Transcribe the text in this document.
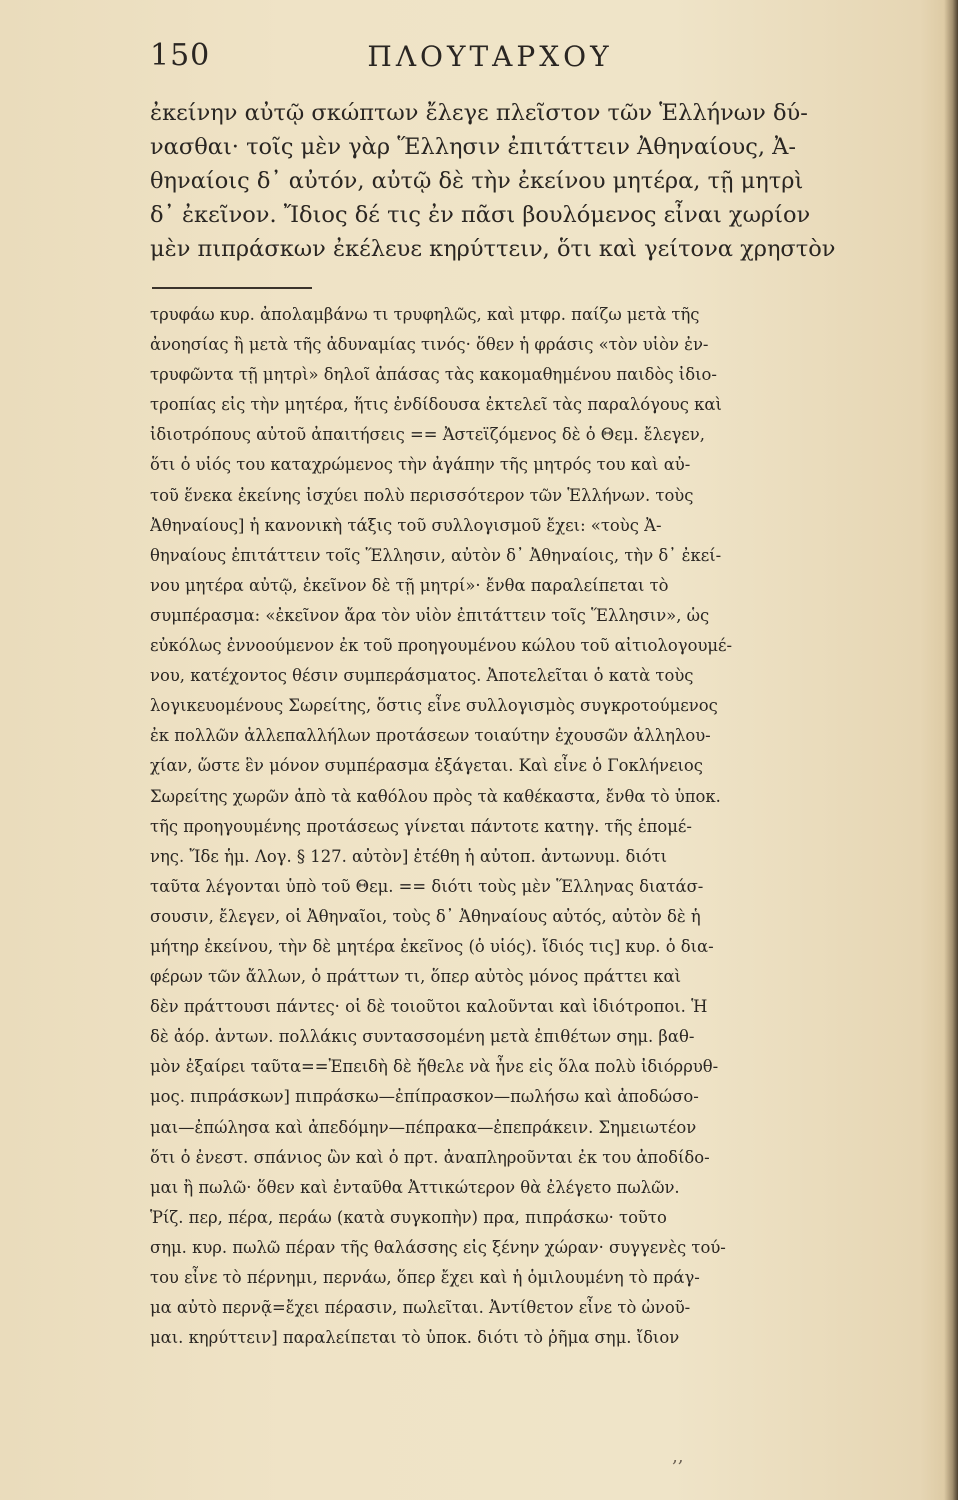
150	ΠΛΟΥΤΑΡΧΟΥ
ἐκείνην αὐτῷ σκώπτων ἔλεγε πλεῖστον τῶν Ἑλλήνων δύ-
νασθαι· τοῖς μὲν γὰρ Ἕλλησιν ἐπιτάττειν Ἀθηναίους, Ἀ-
θηναίοις δ᾽ αὐτόν, αὐτῷ δὲ τὴν ἐκείνου μητέρα, τῇ μητρὶ
δ᾽ ἐκεῖνον. Ἴδιος δέ τις ἐν πᾶσι βουλόμενος εἶναι χωρίον
μὲν πιπράσκων ἐκέλευε κηρύττειν, ὅτι καὶ γείτονα χρηστὸν
τρυφάω κυρ. ἀπολαμβάνω τι τρυφηλῶς, καὶ μτφρ. παίζω μετὰ τῆς
ἀνοησίας ἢ μετὰ τῆς ἀδυναμίας τινός· ὅθεν ἡ φράσις «τὸν υἱὸν ἐν-
τρυφῶντα τῇ μητρὶ» δηλοῖ ἀπάσας τὰς κακομαθημένου παιδὸς ἰδιο-
τροπίας εἰς τὴν μητέρα, ἥτις ἐνδίδουσα ἐκτελεῖ τὰς παραλόγους καὶ
ἰδιοτρόπους αὐτοῦ ἀπαιτήσεις == Ἀστεϊζόμενος δὲ ὁ Θεμ. ἔλεγεν,
ὅτι ὁ υἱός του καταχρώμενος τὴν ἀγάπην τῆς μητρός του καὶ αὐ-
τοῦ ἕνεκα ἐκείνης ἰσχύει πολὺ περισσότερον τῶν Ἑλλήνων. τοὺς
Ἀθηναίους] ἡ κανονικὴ τάξις τοῦ συλλογισμοῦ ἔχει: «τοὺς Ἀ-
θηναίους ἐπιτάττειν τοῖς Ἕλλησιν, αὐτὸν δ᾽ Ἀθηναίοις, τὴν δ᾽ ἐκεί-
νου μητέρα αὐτῷ, ἐκεῖνον δὲ τῇ μητρί»· ἔνθα παραλείπεται τὸ
συμπέρασμα: «ἐκεῖνον ἄρα τὸν υἱὸν ἐπιτάττειν τοῖς Ἕλλησιν», ὡς
εὐκόλως ἐννοούμενον ἐκ τοῦ προηγουμένου κώλου τοῦ αἰτιολογουμέ-
νου, κατέχοντος θέσιν συμπεράσματος. Ἀποτελεῖται ὁ κατὰ τοὺς
λογικευομένους Σωρείτης, ὅστις εἶνε συλλογισμὸς συγκροτούμενος
ἐκ πολλῶν ἀλλεπαλλήλων προτάσεων τοιαύτην ἐχουσῶν ἀλληλου-
χίαν, ὥστε ἓν μόνον συμπέρασμα ἐξάγεται. Καὶ εἶνε ὁ Γοκλήνειος
Σωρείτης χωρῶν ἀπὸ τὰ καθόλου πρὸς τὰ καθέκαστα, ἔνθα τὸ ὑποκ.
τῆς προηγουμένης προτάσεως γίνεται πάντοτε κατηγ. τῆς ἑπομέ-
νης. Ἴδε ἡμ. Λογ. § 127. αὐτὸν] ἐτέθη ἡ αὐτοπ. ἀντωνυμ. διότι
ταῦτα λέγονται ὑπὸ τοῦ Θεμ. == διότι τοὺς μὲν Ἕλληνας διατάσ-
σουσιν, ἔλεγεν, οἱ Ἀθηναῖοι, τοὺς δ᾽ Ἀθηναίους αὐτός, αὐτὸν δὲ ἡ
μήτηρ ἐκείνου, τὴν δὲ μητέρα ἐκεῖνος (ὁ υἱός). ἴδιός τις] κυρ. ὁ δια-
φέρων τῶν ἄλλων, ὁ πράττων τι, ὅπερ αὐτὸς μόνος πράττει καὶ
δὲν πράττουσι πάντες· οἱ δὲ τοιοῦτοι καλοῦνται καὶ ἰδιότροποι. Ἡ
δὲ ἀόρ. ἀντων. πολλάκις συντασσομένη μετὰ ἐπιθέτων σημ. βαθ-
μὸν ἐξαίρει ταῦτα==Ἐπειδὴ δὲ ἤθελε νὰ ἦνε εἰς ὅλα πολὺ ἰδιόρρυθ-
μος. πιπράσκων] πιπράσκω—ἐπίπρασκον—πωλήσω καὶ ἀποδώσο-
μαι—ἐπώλησα καὶ ἀπεδόμην—πέπρακα—ἐπεπράκειν. Σημειωτέον
ὅτι ὁ ἐνεστ. σπάνιος ὢν καὶ ὁ πρτ. ἀναπληροῦνται ἐκ του ἀποδίδο-
μαι ἢ πωλῶ· ὅθεν καὶ ἐνταῦθα Ἀττικώτερον θὰ ἐλέγετο πωλῶν.
Ῥίζ. περ, πέρα, περάω (κατὰ συγκοπὴν) πρα, πιπράσκω· τοῦτο
σημ. κυρ. πωλῶ πέραν τῆς θαλάσσης εἰς ξένην χώραν· συγγενὲς τού-
του εἶνε τὸ πέρνημι, περνάω, ὅπερ ἔχει καὶ ἡ ὁμιλουμένη τὸ πράγ-
μα αὐτὸ περνᾷ=ἔχει πέρασιν, πωλεῖται. Ἀντίθετον εἶνε τὸ ὠνοῦ-
μαι. κηρύττειν] παραλείπεται τὸ ὑποκ. διότι τὸ ῥῆμα σημ. ἴδιον
‚‚
